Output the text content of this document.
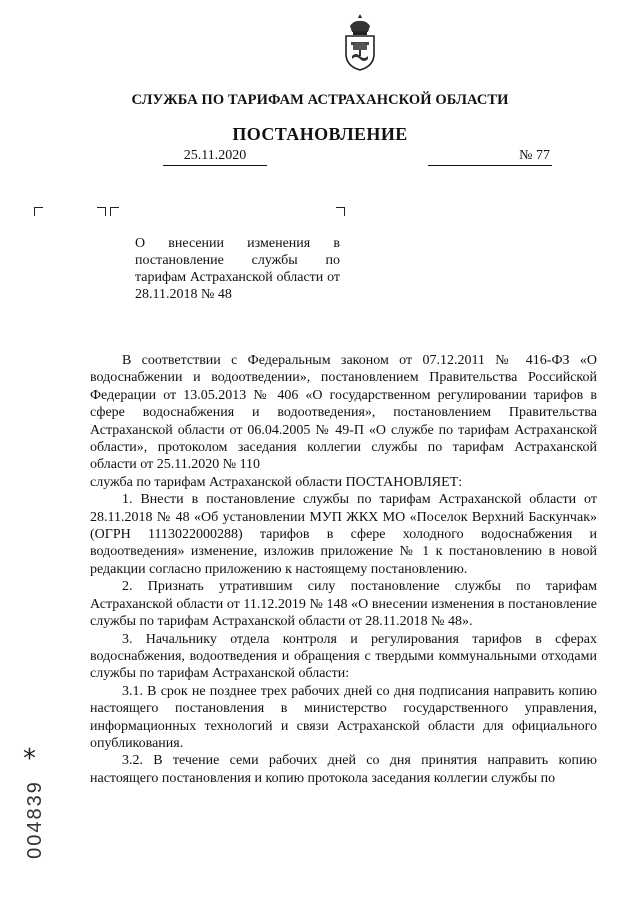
СЛУЖБА ПО ТАРИФАМ АСТРАХАНСКОЙ ОБЛАСТИ
ПОСТАНОВЛЕНИЕ
25.11.2020	№ 77
О внесении изменения в постановление службы по тарифам Астраханской области от 28.11.2018 № 48

В соответствии с Федеральным законом от 07.12.2011 № 416-ФЗ «О водоснабжении и водоотведении», постановлением Правительства Российской Федерации от 13.05.2013 № 406 «О государственном регулировании тарифов в сфере водоснабжения и водоотведения», постановлением Правительства Астраханской области от 06.04.2005 № 49-П «О службе по тарифам Астраханской области», протоколом заседания коллегии службы по тарифам Астраханской области от 25.11.2020 № 110

служба по тарифам Астраханской области ПОСТАНОВЛЯЕТ:

1. Внести в постановление службы по тарифам Астраханской области от 28.11.2018 № 48 «Об установлении МУП ЖКХ МО «Поселок Верхний Баскунчак» (ОГРН 1113022000288) тарифов в сфере холодного водоснабжения и водоотведения» изменение, изложив приложение № 1 к постановлению в новой редакции согласно приложению к настоящему постановлению.

2. Признать утратившим силу постановление службы по тарифам Астраханской области от 11.12.2019 № 148 «О внесении изменения в постановление службы по тарифам Астраханской области от 28.11.2018 № 48».

3. Начальнику отдела контроля и регулирования тарифов в сферах водоснабжения, водоотведения и обращения с твердыми коммунальными отходами службы по тарифам Астраханской области:

3.1. В срок не позднее трех рабочих дней со дня подписания направить копию настоящего постановления в министерство государственного управления, информационных технологий и связи Астраханской области для официального опубликования.

3.2. В течение семи рабочих дней со дня принятия направить копию настоящего постановления и копию протокола заседания коллегии службы по

*
004839
